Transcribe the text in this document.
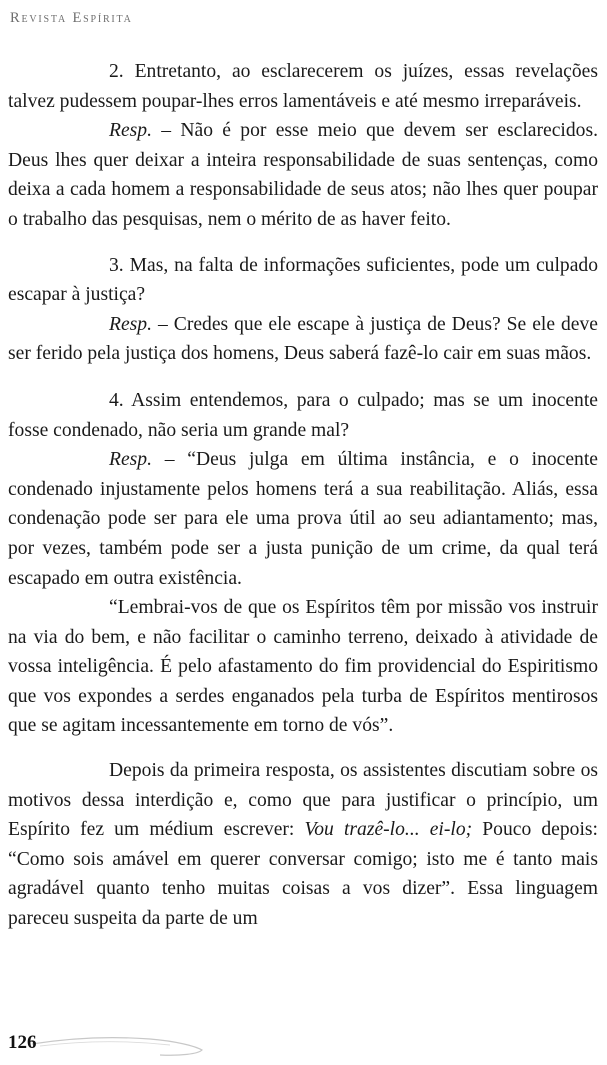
Revista Espírita

2. Entretanto, ao esclarecerem os juízes, essas revelações talvez pudessem poupar-lhes erros lamentáveis e até mesmo irreparáveis.

Resp. – Não é por esse meio que devem ser esclarecidos. Deus lhes quer deixar a inteira responsabilidade de suas sentenças, como deixa a cada homem a responsabilidade de seus atos; não lhes quer poupar o trabalho das pesquisas, nem o mérito de as haver feito.

3. Mas, na falta de informações suficientes, pode um culpado escapar à justiça?

Resp. – Credes que ele escape à justiça de Deus? Se ele deve ser ferido pela justiça dos homens, Deus saberá fazê-lo cair em suas mãos.

4. Assim entendemos, para o culpado; mas se um inocente fosse condenado, não seria um grande mal?

Resp. – “Deus julga em última instância, e o inocente condenado injustamente pelos homens terá a sua reabilitação. Aliás, essa condenação pode ser para ele uma prova útil ao seu adiantamento; mas, por vezes, também pode ser a justa punição de um crime, da qual terá escapado em outra existência.

“Lembrai-vos de que os Espíritos têm por missão vos instruir na via do bem, e não facilitar o caminho terreno, deixado à atividade de vossa inteligência. É pelo afastamento do fim providencial do Espiritismo que vos expondes a serdes enganados pela turba de Espíritos mentirosos que se agitam incessantemente em torno de vós”.

Depois da primeira resposta, os assistentes discutiam sobre os motivos dessa interdição e, como que para justificar o princípio, um Espírito fez um médium escrever: Vou trazê-lo... ei-lo; Pouco depois: “Como sois amável em querer conversar comigo; isto me é tanto mais agradável quanto tenho muitas coisas a vos dizer”. Essa linguagem pareceu suspeita da parte de um

126
